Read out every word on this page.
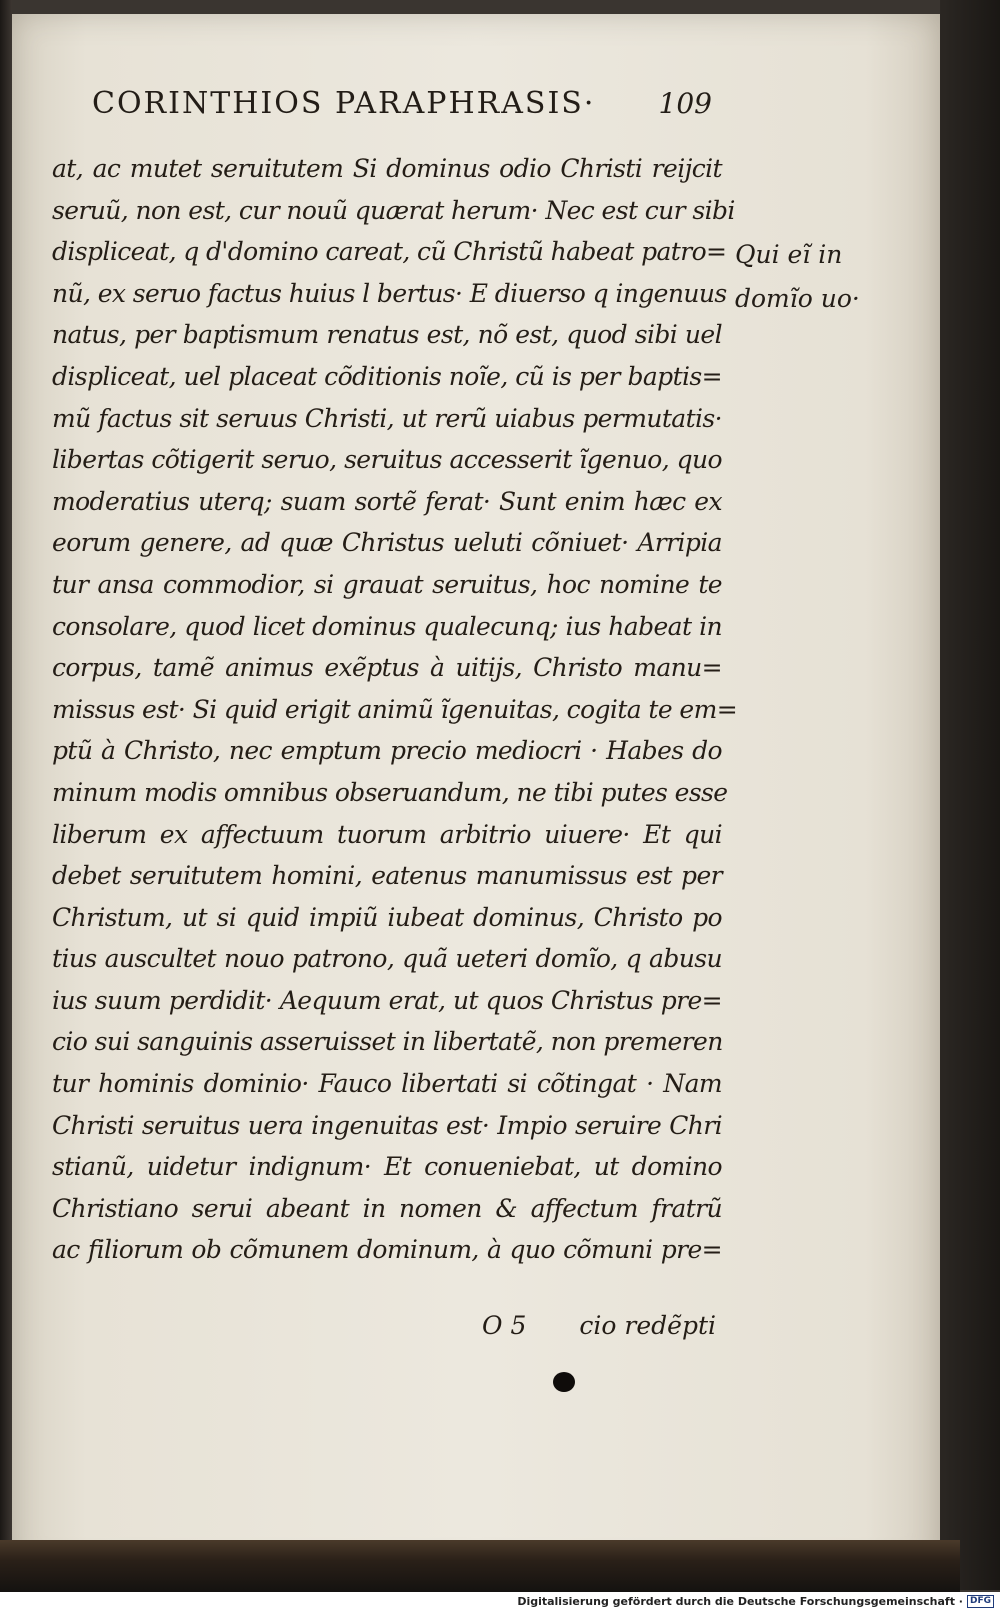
CORINTHIOS PARAPHRASIS· 109
Qui eĩ in
domĩo uo·
at, ac mutet seruitutem Si dominus odio Christi reijcit
seruũ, non est, cur nouũ quærat herum· Nec est cur sibi
displiceat, q d'domino careat, cũ Christũ habeat patro=
nũ, ex seruo factus huius l bertus· E diuerso q ingenuus
natus, per baptismum renatus est, nõ est, quod sibi uel
displiceat, uel placeat cõditionis noĩe, cũ is per baptis=
mũ factus sit seruus Christi, ut rerũ uiabus permutatis·
libertas cõtigerit seruo, seruitus accesserit ĩgenuo, quo
moderatius uterq; suam sortẽ ferat· Sunt enim hæc ex
eorum genere, ad quæ Christus ueluti cõniuet· Arripia
tur ansa commodior, si grauat seruitus, hoc nomine te
consolare, quod licet dominus qualecunq; ius habeat in
corpus, tamẽ animus exẽptus à uitijs, Christo manu=
missus est· Si quid erigit animũ ĩgenuitas, cogita te em=
ptũ à Christo, nec emptum precio mediocri · Habes do
minum modis omnibus obseruandum, ne tibi putes esse
liberum ex affectuum tuorum arbitrio uiuere· Et qui
debet seruitutem homini, eatenus manumissus est per
Christum, ut si quid impiũ iubeat dominus, Christo po
tius auscultet nouo patrono, quã ueteri domĩo, q abusu
ius suum perdidit· Aequum erat, ut quos Christus pre=
cio sui sanguinis asseruisset in libertatẽ, non premeren
tur hominis dominio· Fauco libertati si cõtingat · Nam
Christi seruitus uera ingenuitas est· Impio seruire Chri
stianũ, uidetur indignum· Et conueniebat, ut domino
Christiano serui abeant in nomen & affectum fratrũ
ac filiorum ob cõmunem dominum, à quo cõmuni pre=
O 5 cio redẽpti
Digitalisierung gefördert durch die Deutsche Forschungsgemeinschaft · DFG
